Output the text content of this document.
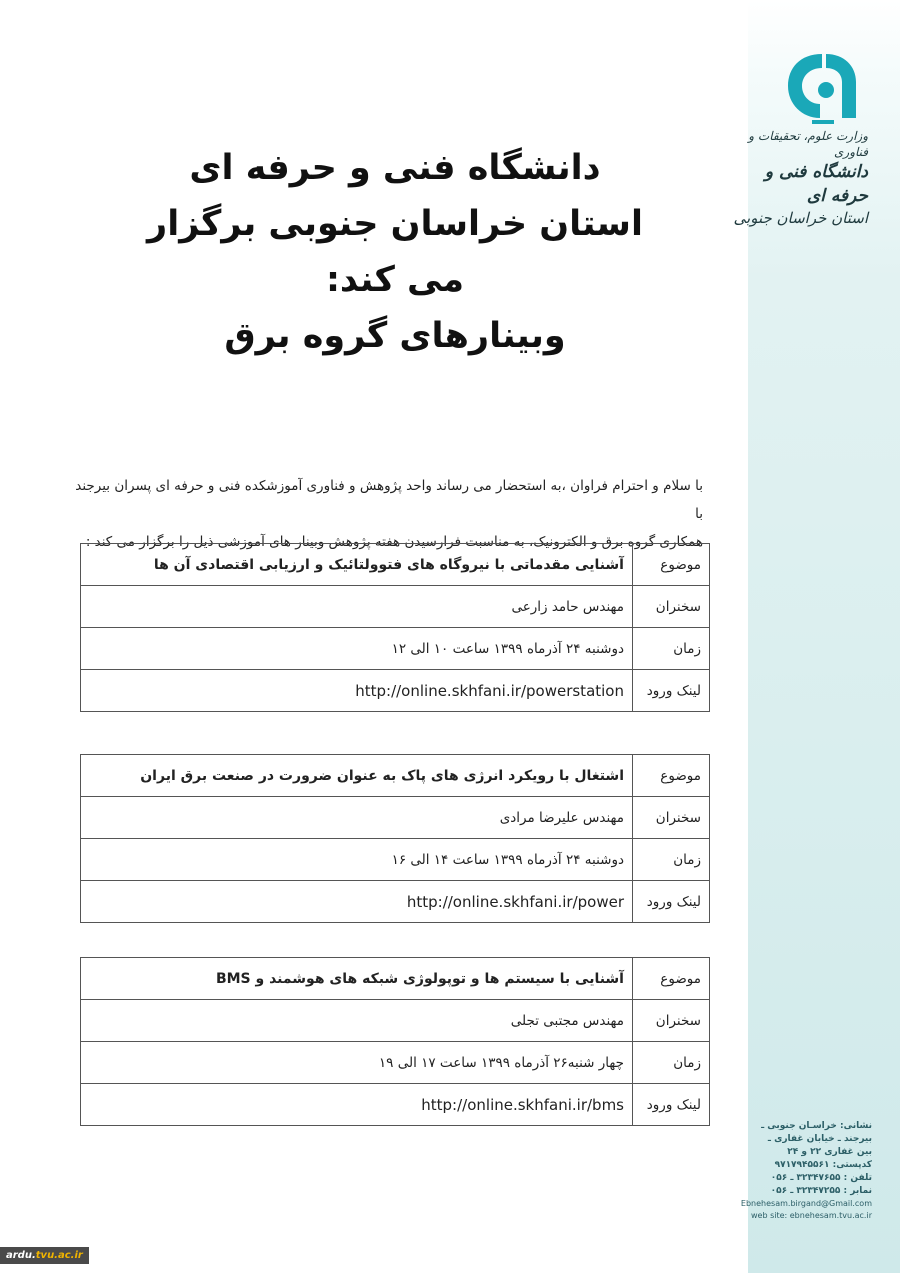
وزارت علوم، تحقیقات و فناوری
دانشگاه فنی و حرفه ای
استان خراسان جنوبی
دانشگاه فنی و حرفه ای
استان خراسان جنوبی برگزار می کند:
وبینارهای گروه برق
با سلام و احترام فراوان ،به استحضار می رساند واحد پژوهش و فناوری آموزشکده فنی و حرفه ای پسران بیرجند با
همکاری گروه برق و الکترونیک، به مناسبت فرارسیدن هفته پژوهش وبینار های آموزشی ذیل را برگزار می کند :
موضوع	آشنایی مقدماتی با نیروگاه های فتوولتائیک و ارزیابی اقتصادی آن ها
سخنران	مهندس حامد زارعی
زمان	دوشنبه ۲۴ آذرماه ۱۳۹۹ ساعت ۱۰ الی ۱۲
لینک ورود	http://online.skhfani.ir/powerstation
موضوع	اشتغال با رویکرد انرژی های پاک به عنوان ضرورت در صنعت برق ایران
سخنران	مهندس علیرضا مرادی
زمان	دوشنبه ۲۴ آذرماه ۱۳۹۹ ساعت ۱۴ الی ۱۶
لینک ورود	http://online.skhfani.ir/power
موضوع	آشنایی با سیستم ها و توپولوژی شبکه های هوشمند و BMS
سخنران	مهندس مجتبی تجلی
زمان	چهار شنبه۲۶ آذرماه ۱۳۹۹ ساعت ۱۷ الی ۱۹
لینک ورود	http://online.skhfani.ir/bms
نشانی: خراسـان جنوبی ـ
بیرجند ـ خیابان غفاری ـ
بین غفاری ۲۲ و ۲۴
کدپستی: ۹۷۱۷۹۴۵۵۶۱
تلفن : ۳۲۳۴۷۶۵۵ ـ ۰۵۶
نمابر : ۳۲۳۴۷۲۵۵ ـ ۰۵۶
Ebnehesam.birgand@Gmail.com
web site: ebnehesam.tvu.ac.ir
ardu.tvu.ac.ir
